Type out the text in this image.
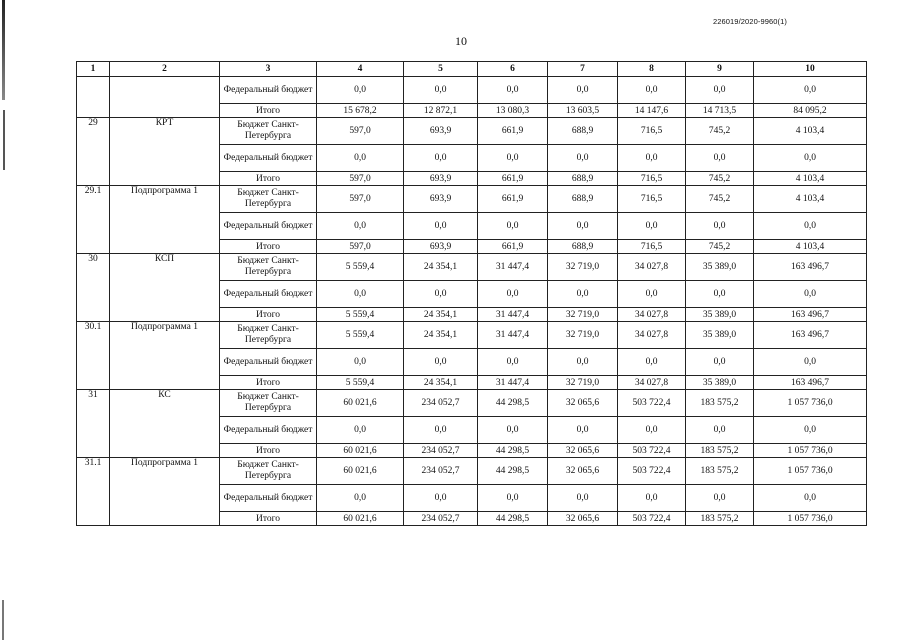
226019/2020-9960(1)
10
1	2	3	4	5	6	7	8	9	10
		Федеральный бюджет	0,0	0,0	0,0	0,0	0,0	0,0	0,0
		Итого	15 678,2	12 872,1	13 080,3	13 603,5	14 147,6	14 713,5	84 095,2
29	КРТ	Бюджет Санкт-Петербурга	597,0	693,9	661,9	688,9	716,5	745,2	4 103,4
		Федеральный бюджет	0,0	0,0	0,0	0,0	0,0	0,0	0,0
		Итого	597,0	693,9	661,9	688,9	716,5	745,2	4 103,4
29.1	Подпрограмма 1	Бюджет Санкт-Петербурга	597,0	693,9	661,9	688,9	716,5	745,2	4 103,4
		Федеральный бюджет	0,0	0,0	0,0	0,0	0,0	0,0	0,0
		Итого	597,0	693,9	661,9	688,9	716,5	745,2	4 103,4
30	КСП	Бюджет Санкт-Петербурга	5 559,4	24 354,1	31 447,4	32 719,0	34 027,8	35 389,0	163 496,7
		Федеральный бюджет	0,0	0,0	0,0	0,0	0,0	0,0	0,0
		Итого	5 559,4	24 354,1	31 447,4	32 719,0	34 027,8	35 389,0	163 496,7
30.1	Подпрограмма 1	Бюджет Санкт-Петербурга	5 559,4	24 354,1	31 447,4	32 719,0	34 027,8	35 389,0	163 496,7
		Федеральный бюджет	0,0	0,0	0,0	0,0	0,0	0,0	0,0
		Итого	5 559,4	24 354,1	31 447,4	32 719,0	34 027,8	35 389,0	163 496,7
31	КС	Бюджет Санкт-Петербурга	60 021,6	234 052,7	44 298,5	32 065,6	503 722,4	183 575,2	1 057 736,0
		Федеральный бюджет	0,0	0,0	0,0	0,0	0,0	0,0	0,0
		Итого	60 021,6	234 052,7	44 298,5	32 065,6	503 722,4	183 575,2	1 057 736,0
31.1	Подпрограмма 1	Бюджет Санкт-Петербурга	60 021,6	234 052,7	44 298,5	32 065,6	503 722,4	183 575,2	1 057 736,0
		Федеральный бюджет	0,0	0,0	0,0	0,0	0,0	0,0	0,0
		Итого	60 021,6	234 052,7	44 298,5	32 065,6	503 722,4	183 575,2	1 057 736,0
